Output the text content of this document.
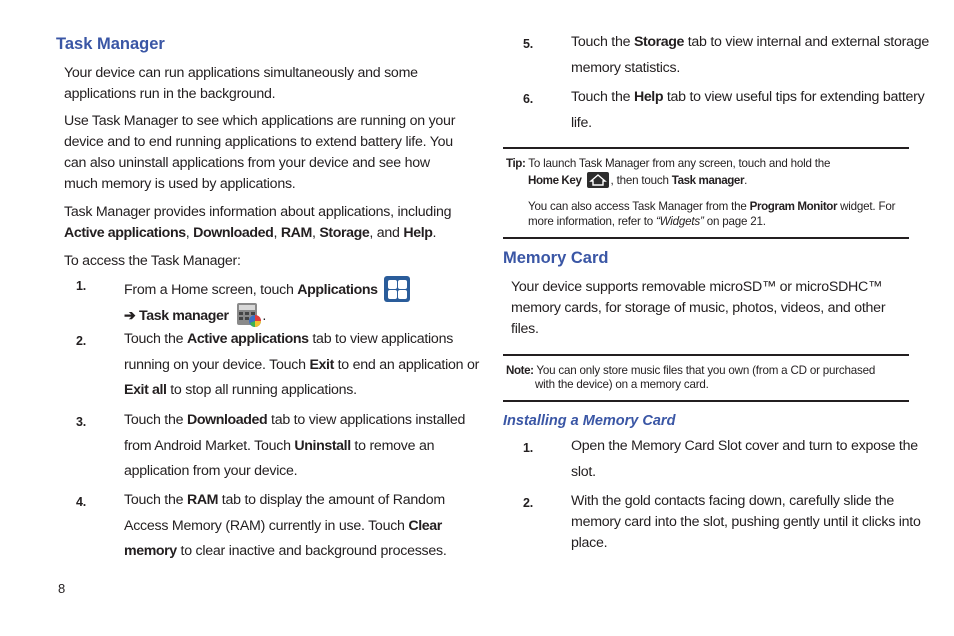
Task Manager

Your device can run applications simultaneously and some applications run in the background.

Use Task Manager to see which applications are running on your device and to end running applications to extend battery life. You can also uninstall applications from your device and see how much memory is used by applications.

Task Manager provides information about applications, including Active applications, Downloaded, RAM, Storage, and Help.

To access the Task Manager:

1.	From a Home screen, touch Applications
➔ Task manager .
2.	Touch the Active applications tab to view applications
running on your device. Touch Exit to end an application or
Exit all to stop all running applications.
3.	Touch the Downloaded tab to view applications installed
from Android Market. Touch Uninstall to remove an
application from your device.
4.	Touch the RAM tab to display the amount of Random
Access Memory (RAM) currently in use. Touch Clear
memory to clear inactive and background processes.
5.	Touch the Storage tab to view internal and external storage
memory statistics.
6.	Touch the Help tab to view useful tips for extending battery
life.
Memory Card

Your device supports removable microSD™ or microSDHC™ memory cards, for storage of music, photos, videos, and other files.

Installing a Memory Card
1.	Open the Memory Card Slot cover and turn to expose the
slot.
2.	With the gold contacts facing down, carefully slide the
memory card into the slot, pushing gently until it clicks into
place.
Tip: To launch Task Manager from any screen, touch and hold the
Home Key	, then touch Task manager.
You can also access Task Manager from the Program Monitor widget. For
more information, refer to “Widgets” on page 21.
Note: You can only store music files that you own (from a CD or purchased
with the device) on a memory card.
8
